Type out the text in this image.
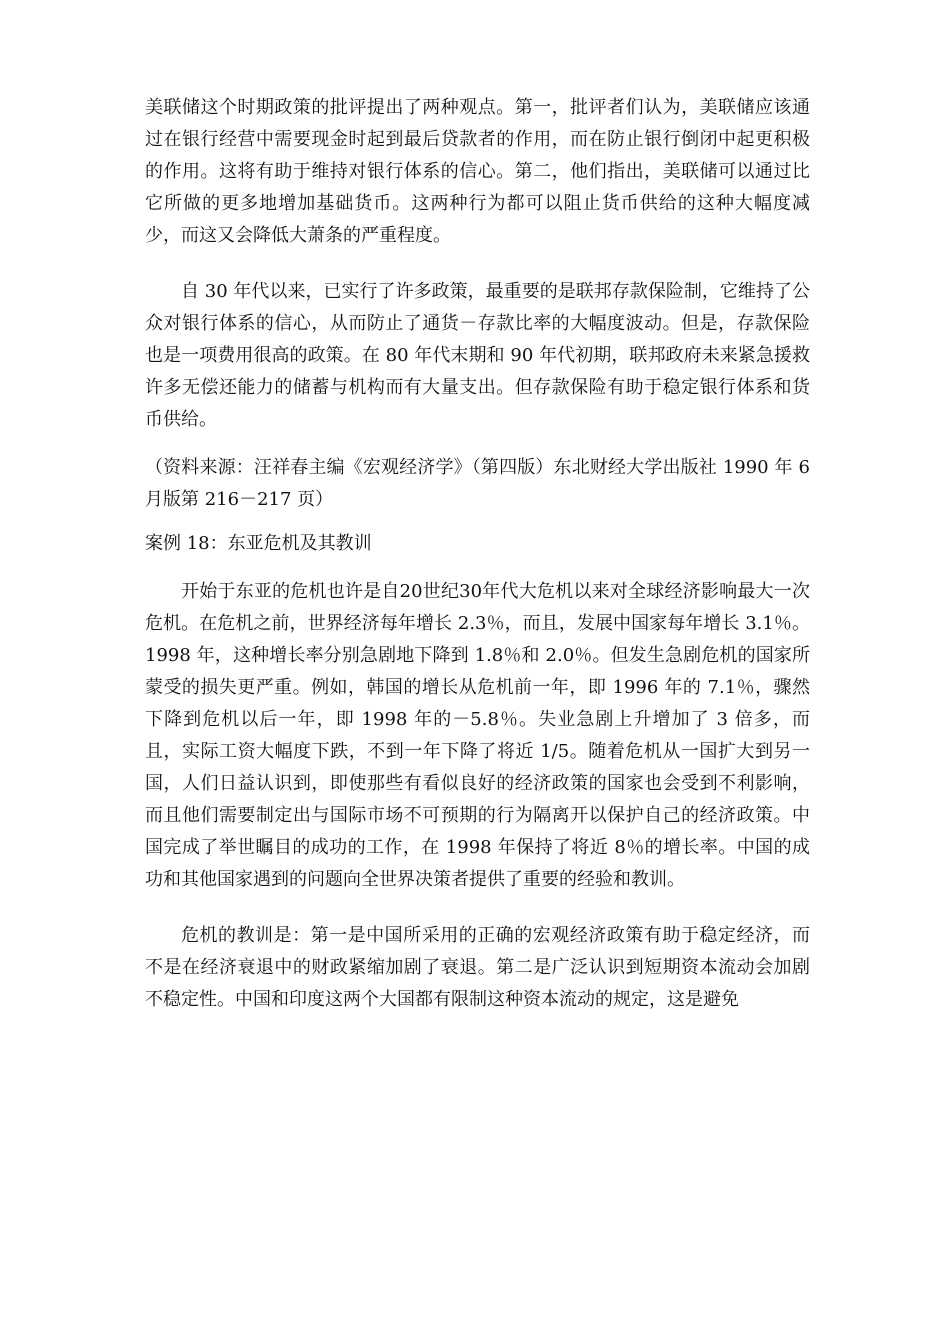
美联储这个时期政策的批评提出了两种观点。第一，批评者们认为，美联储应该通过在银行经营中需要现金时起到最后贷款者的作用，而在防止银行倒闭中起更积极的作用。这将有助于维持对银行体系的信心。第二，他们指出，美联储可以通过比它所做的更多地增加基础货币。这两种行为都可以阻止货币供给的这种大幅度减少，而这又会降低大萧条的严重程度。

自 30 年代以来，已实行了许多政策，最重要的是联邦存款保险制，它维持了公众对银行体系的信心，从而防止了通货－存款比率的大幅度波动。但是，存款保险也是一项费用很高的政策。在 80 年代末期和 90 年代初期，联邦政府未来紧急援救许多无偿还能力的储蓄与机构而有大量支出。但存款保险有助于稳定银行体系和货币供给。

（资料来源：汪祥春主编《宏观经济学》（第四版）东北财经大学出版社 1990 年 6 月版第 216－217 页）

案例 18：东亚危机及其教训

开始于东亚的危机也许是自20世纪30年代大危机以来对全球经济影响最大一次危机。在危机之前，世界经济每年增长 2.3％，而且，发展中国家每年增长 3.1％。1998 年，这种增长率分别急剧地下降到 1.8％和 2.0％。但发生急剧危机的国家所蒙受的损失更严重。例如，韩国的增长从危机前一年，即 1996 年的 7.1％，骤然下降到危机以后一年，即 1998 年的－5.8％。失业急剧上升增加了 3 倍多，而且，实际工资大幅度下跌，不到一年下降了将近 1/5。随着危机从一国扩大到另一国，人们日益认识到，即使那些有看似良好的经济政策的国家也会受到不利影响，而且他们需要制定出与国际市场不可预期的行为隔离开以保护自己的经济政策。中国完成了举世瞩目的成功的工作，在 1998 年保持了将近 8％的增长率。中国的成功和其他国家遇到的问题向全世界决策者提供了重要的经验和教训。

危机的教训是：第一是中国所采用的正确的宏观经济政策有助于稳定经济，而不是在经济衰退中的财政紧缩加剧了衰退。第二是广泛认识到短期资本流动会加剧不稳定性。中国和印度这两个大国都有限制这种资本流动的规定，这是避免
